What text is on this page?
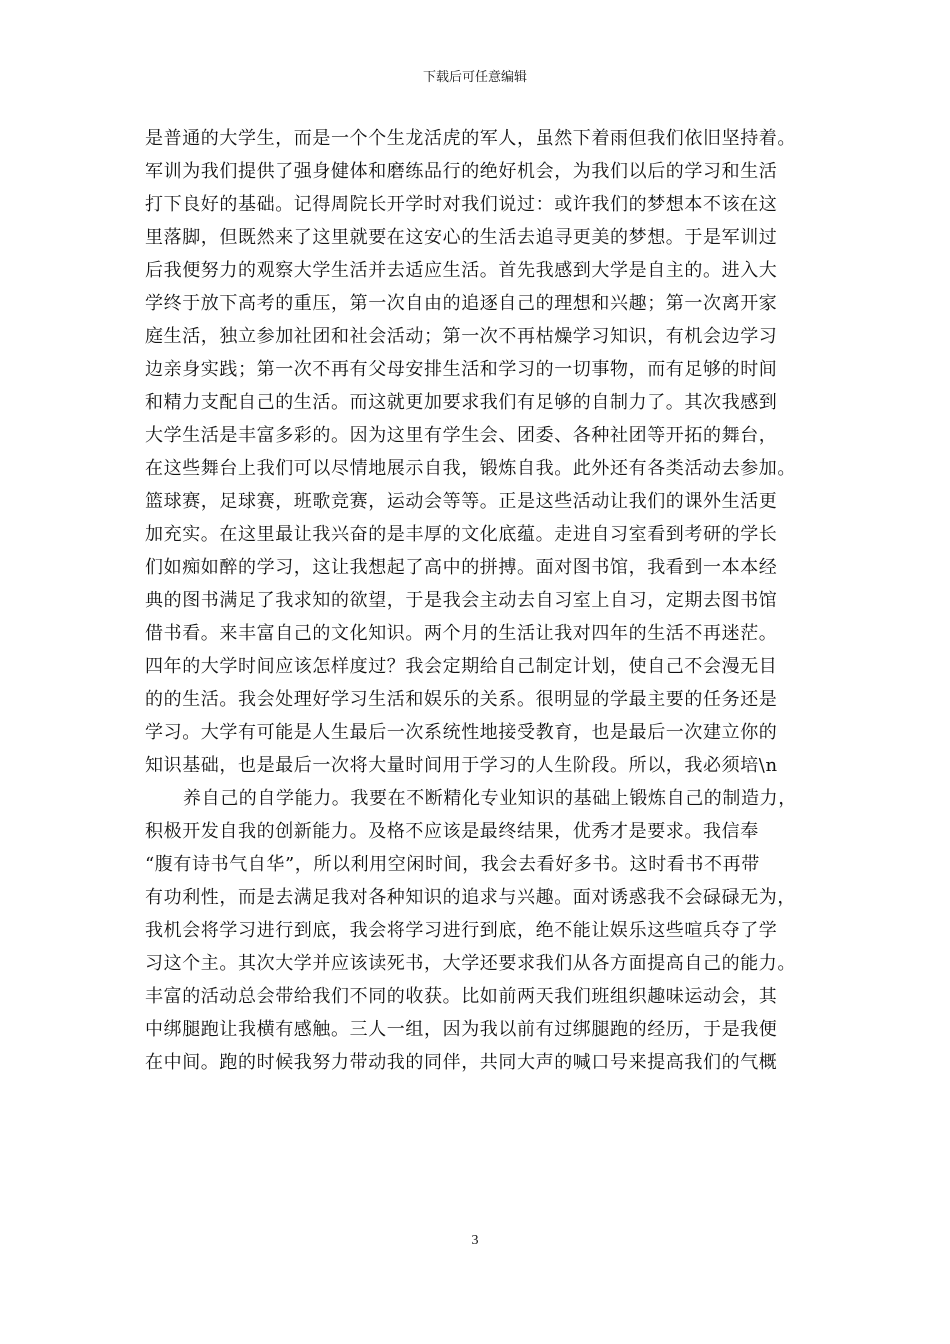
下载后可任意编辑
是普通的大学生，而是一个个生龙活虎的军人，虽然下着雨但我们依旧坚持着。
军训为我们提供了强身健体和磨练品行的绝好机会，为我们以后的学习和生活
打下良好的基础。记得周院长开学时对我们说过：或许我们的梦想本不该在这
里落脚，但既然来了这里就要在这安心的生活去追寻更美的梦想。于是军训过
后我便努力的观察大学生活并去适应生活。首先我感到大学是自主的。进入大
学终于放下高考的重压，第一次自由的追逐自己的理想和兴趣；第一次离开家
庭生活，独立参加社团和社会活动；第一次不再枯燥学习知识，有机会边学习
边亲身实践；第一次不再有父母安排生活和学习的一切事物，而有足够的时间
和精力支配自己的生活。而这就更加要求我们有足够的自制力了。其次我感到
大学生活是丰富多彩的。因为这里有学生会、团委、各种社团等开拓的舞台，
在这些舞台上我们可以尽情地展示自我，锻炼自我。此外还有各类活动去参加。
篮球赛，足球赛，班歌竞赛，运动会等等。正是这些活动让我们的课外生活更
加充实。在这里最让我兴奋的是丰厚的文化底蕴。走进自习室看到考研的学长
们如痴如醉的学习，这让我想起了高中的拼搏。面对图书馆，我看到一本本经
典的图书满足了我求知的欲望，于是我会主动去自习室上自习，定期去图书馆
借书看。来丰富自己的文化知识。两个月的生活让我对四年的生活不再迷茫。
四年的大学时间应该怎样度过？我会定期给自己制定计划，使自己不会漫无目
的的生活。我会处理好学习生活和娱乐的关系。很明显的学最主要的任务还是
学习。大学有可能是人生最后一次系统性地接受教育，也是最后一次建立你的
知识基础，也是最后一次将大量时间用于学习的人生阶段。所以，我必须培\n
养自己的自学能力。我要在不断精化专业知识的基础上锻炼自己的制造力，
积极开发自我的创新能力。及格不应该是最终结果，优秀才是要求。我信奉
“腹有诗书气自华”，所以利用空闲时间，我会去看好多书。这时看书不再带
有功利性，而是去满足我对各种知识的追求与兴趣。面对诱惑我不会碌碌无为，
我机会将学习进行到底，我会将学习进行到底，绝不能让娱乐这些喧兵夺了学
习这个主。其次大学并应该读死书，大学还要求我们从各方面提高自己的能力。
丰富的活动总会带给我们不同的收获。比如前两天我们班组织趣味运动会，其
中绑腿跑让我横有感触。三人一组，因为我以前有过绑腿跑的经历，于是我便
在中间。跑的时候我努力带动我的同伴，共同大声的喊口号来提高我们的气概
3
